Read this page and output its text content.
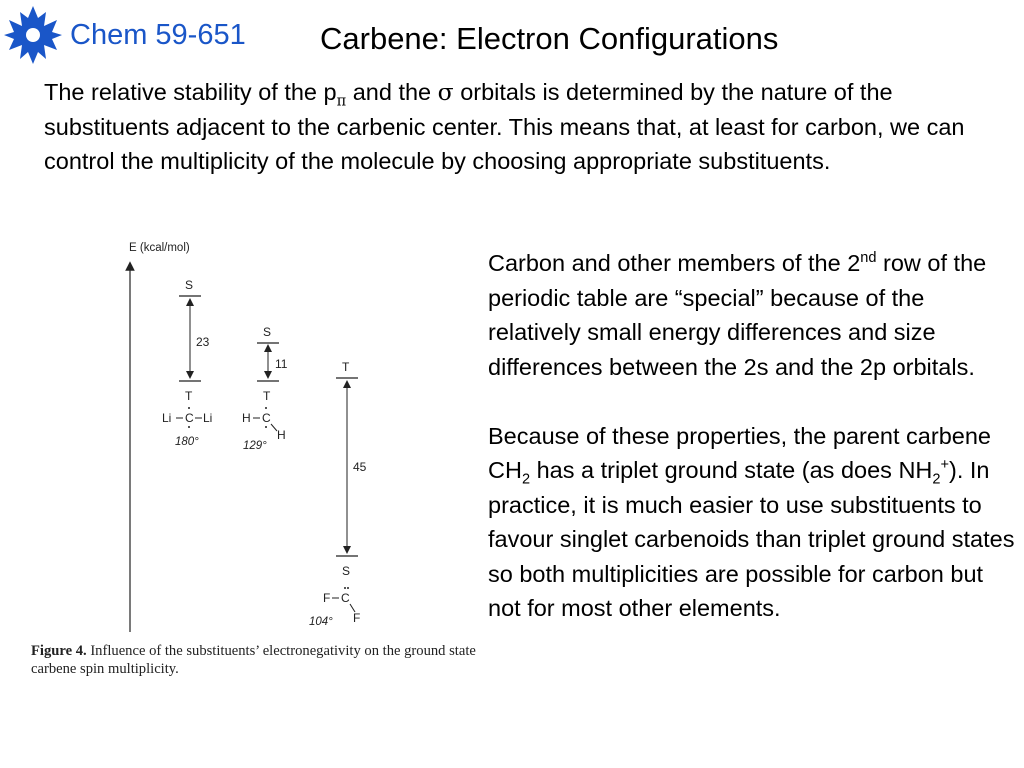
Chem 59-651 Carbene: Electron Configurations

The relative stability of the $p_\pi$ and the σ orbitals is determined by the nature of the substituents adjacent to the carbenic center. This means that, at least for carbon, we can control the multiplicity of the molecule by choosing appropriate substituents.

E (kcal/mol)
S
23
T
Li C Li
180°
S
11
T
H C
H
129°
T
45
S
F C
F
104°

Figure 4. Influence of the substituents’ electronegativity on the ground state carbene spin multiplicity.

Carbon and other members of the 2nd row of the periodic table are “special” because of the relatively small energy differences and size differences between the 2s and the 2p orbitals.

Because of these properties, the parent carbene $CH_2$ has a triplet ground state (as does $NH_2^+$). In practice, it is much easier to use substituents to favour singlet carbenoids than triplet ground states so both multiplicities are possible for carbon but not for most other elements.
